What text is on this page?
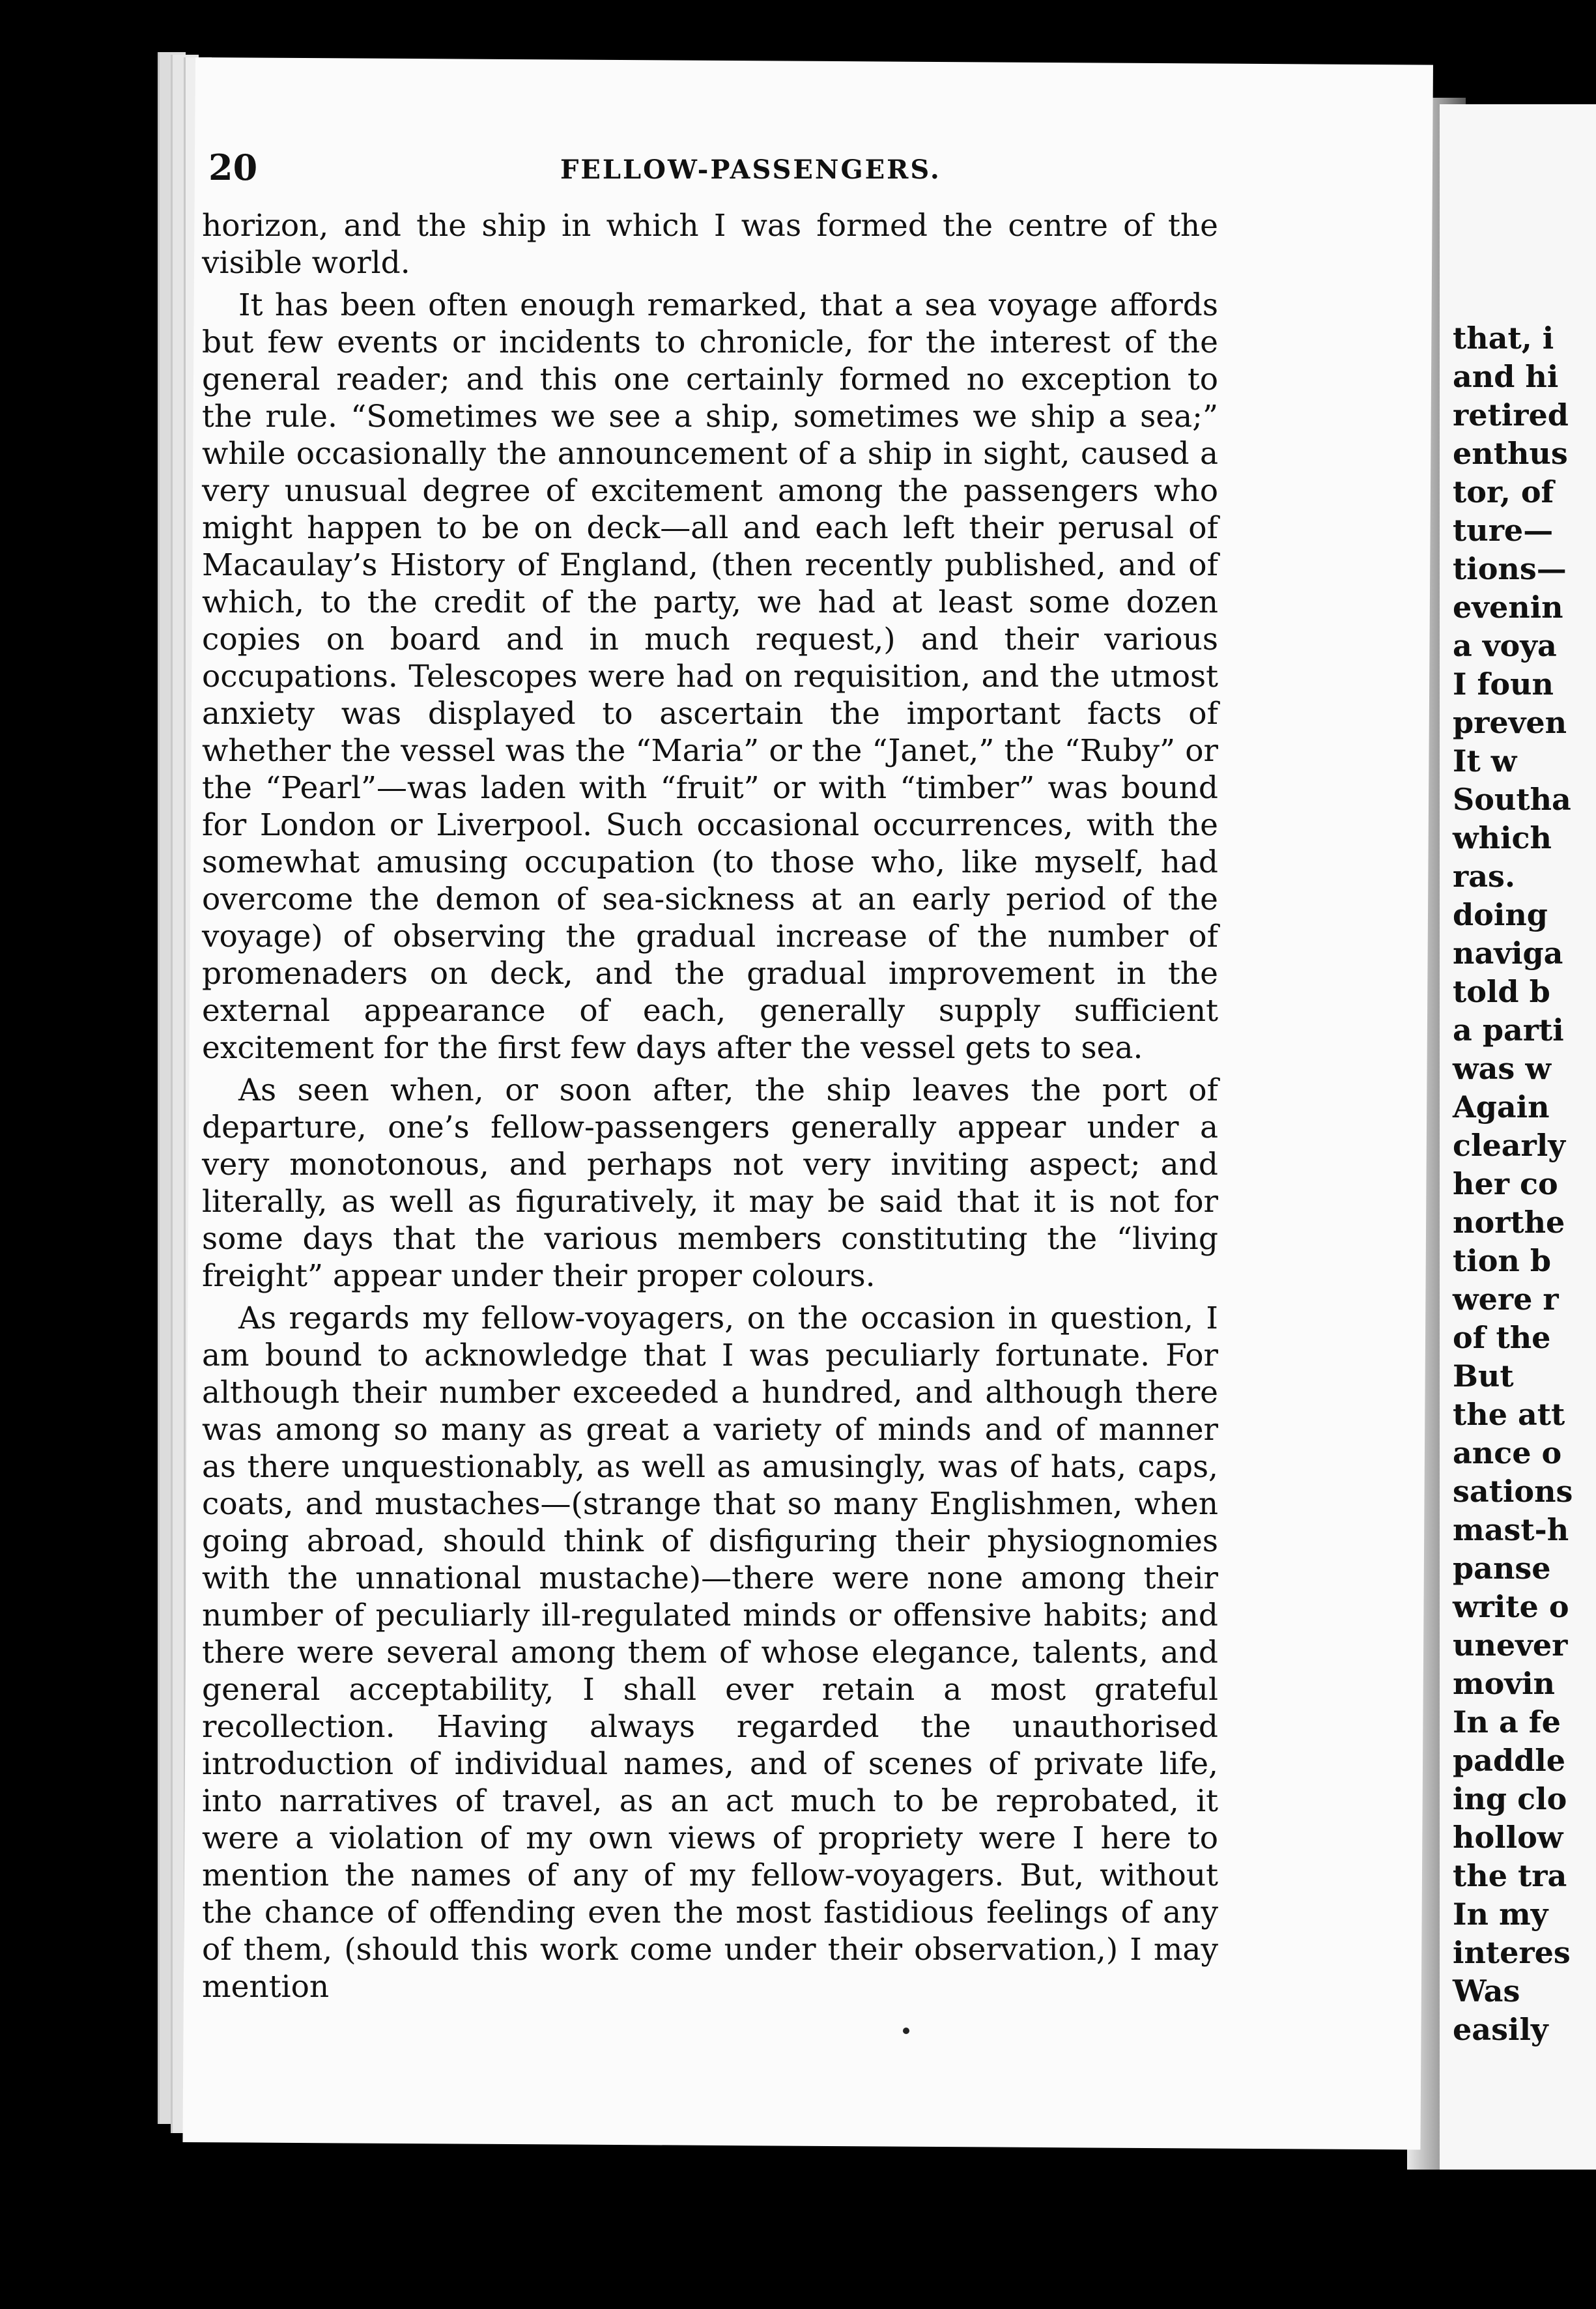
that, i
and hi
retired
enthus
tor, of
ture—
tions—
evenin
a voya
I foun
preven
It w
Southa
which
ras.
doing
naviga
told b
a parti
was w
Again
clearly
her co
northe
tion b
were r
of the
But
the att
ance o
sations
mast-h
panse
write o
unever
movin
In a fe
paddle
ing clo
hollow
the tra
In my
interes
Was
easily
20	FELLOW-PASSENGERS.

horizon, and the ship in which I was formed the centre of the visible world.

It has been often enough remarked, that a sea voyage affords but few events or incidents to chronicle, for the interest of the general reader; and this one certainly formed no exception to the rule. “Sometimes we see a ship, sometimes we ship a sea;” while occasionally the announcement of a ship in sight, caused a very unusual degree of excitement among the passengers who might happen to be on deck—all and each left their perusal of Macaulay’s History of England, (then recently published, and of which, to the credit of the party, we had at least some dozen copies on board and in much request,) and their various occupations. Telescopes were had on requisition, and the utmost anxiety was displayed to ascertain the important facts of whether the vessel was the “Maria” or the “Janet,” the “Ruby” or the “Pearl”—was laden with “fruit” or with “timber” was bound for London or Liverpool. Such occasional occurrences, with the somewhat amusing occupation (to those who, like myself, had overcome the demon of sea-sickness at an early period of the voyage) of observing the gradual increase of the number of promenaders on deck, and the gradual improvement in the external appearance of each, generally supply sufficient excitement for the first few days after the vessel gets to sea.

As seen when, or soon after, the ship leaves the port of departure, one’s fellow-passengers generally appear under a very monotonous, and perhaps not very inviting aspect; and literally, as well as figuratively, it may be said that it is not for some days that the various members constituting the “living freight” appear under their proper colours.

As regards my fellow-voyagers, on the occasion in question, I am bound to acknowledge that I was peculiarly fortunate. For although their number exceeded a hundred, and although there was among so many as great a variety of minds and of manner as there unquestionably, as well as amusingly, was of hats, caps, coats, and mustaches—(strange that so many Englishmen, when going abroad, should think of disfiguring their physiognomies with the unnational mustache)—there were none among their number of peculiarly ill-regulated minds or offensive habits; and there were several among them of whose elegance, talents, and general acceptability, I shall ever retain a most grateful recollection. Having always regarded the unauthorised introduction of individual names, and of scenes of private life, into narratives of travel, as an act much to be reprobated, it were a violation of my own views of propriety were I here to mention the names of any of my fellow-voyagers. But, without the chance of offending even the most fastidious feelings of any of them, (should this work come under their observation,) I may mention
